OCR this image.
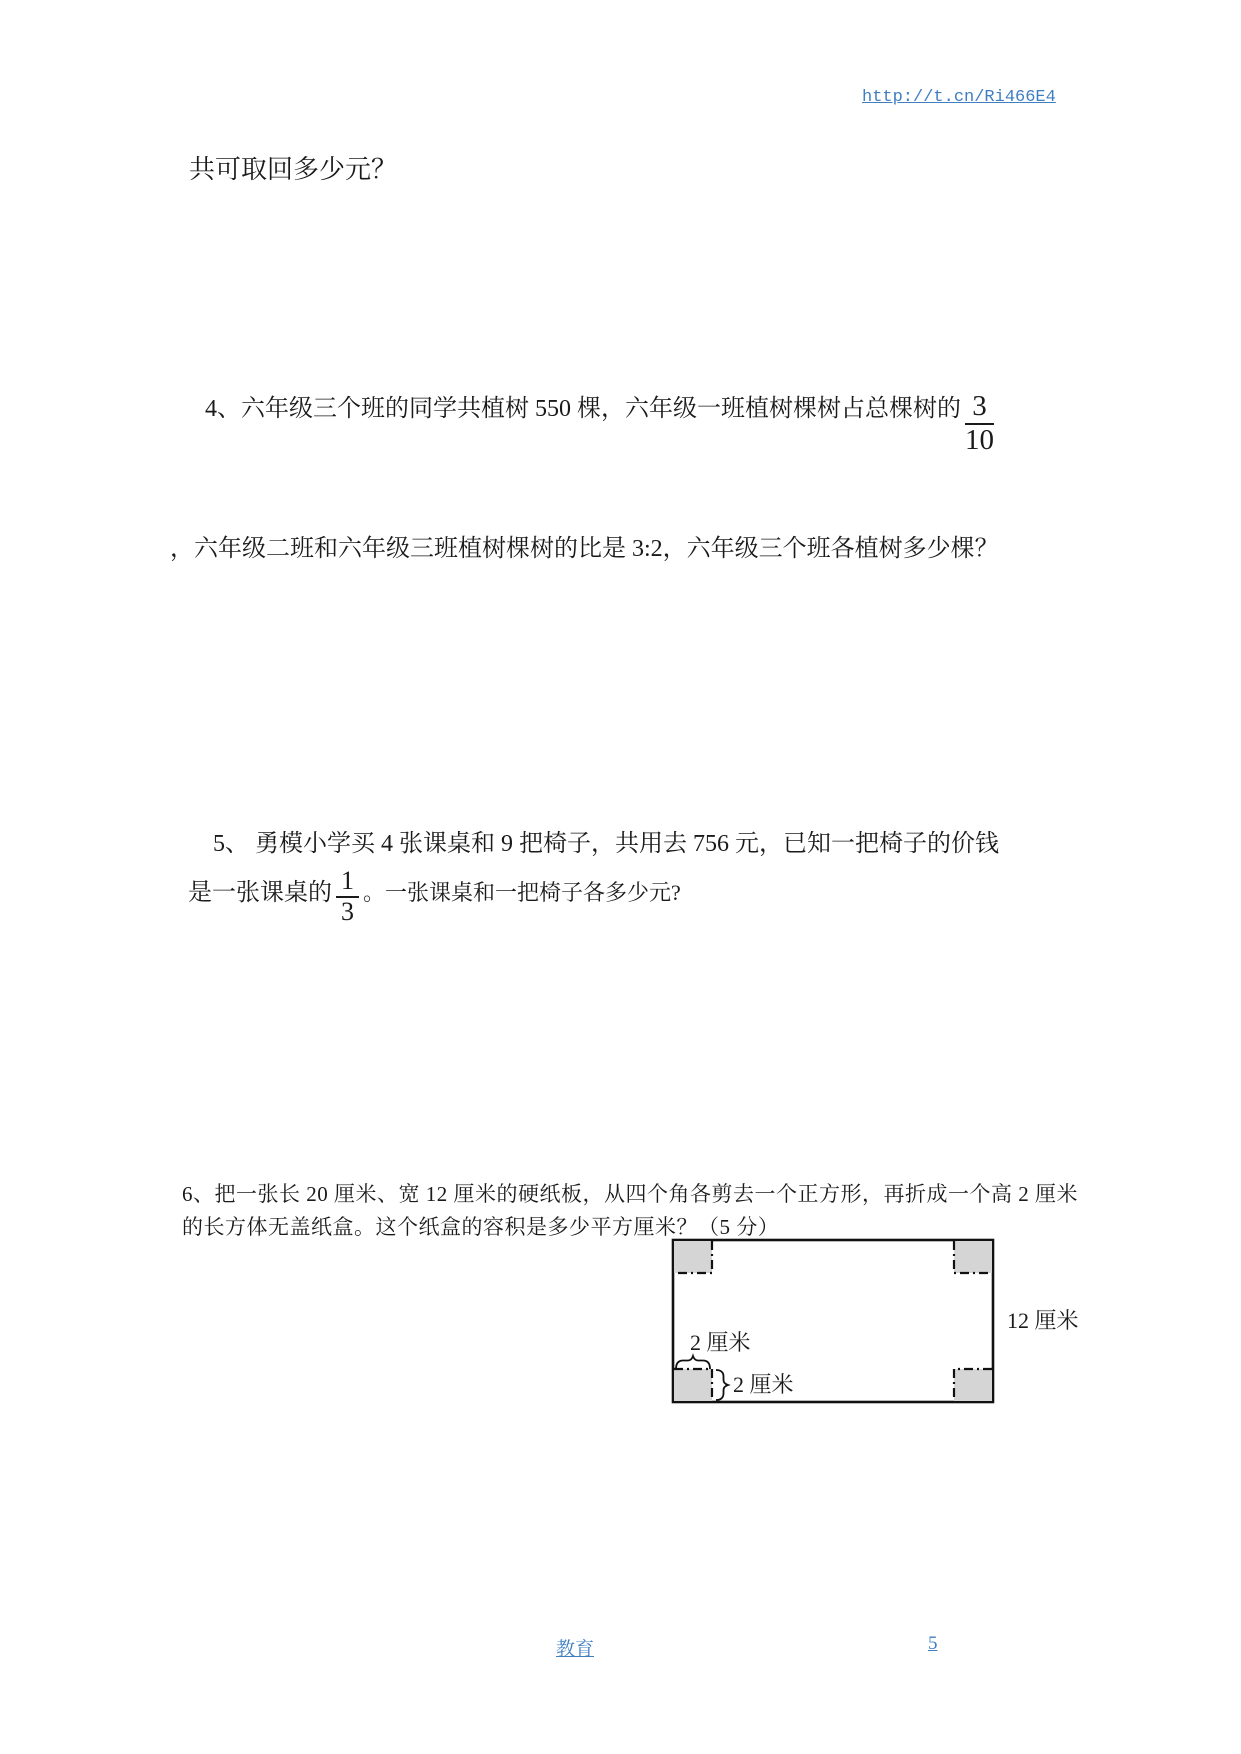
http://t.cn/Ri466E4
共可取回多少元？
4、六年级三个班的同学共植树 550 棵，六年级一班植树棵树占总棵树的 $\frac{3}{10}$
，六年级二班和六年级三班植树棵树的比是 3:2，六年级三个班各植树多少棵？
5、 勇模小学买 4 张课桌和 9 把椅子，共用去 756 元，已知一把椅子的价钱
是一张课桌的 $\frac{1}{3}$ 。一张课桌和一把椅子各多少元?
6、把一张长 20 厘米、宽 12 厘米的硬纸板，从四个角各剪去一个正方形，再折成一个高 2 厘米
的长方体无盖纸盒。这个纸盒的容积是多少平方厘米？（5 分）
2 厘米
2 厘米
12 厘米
教育	5
